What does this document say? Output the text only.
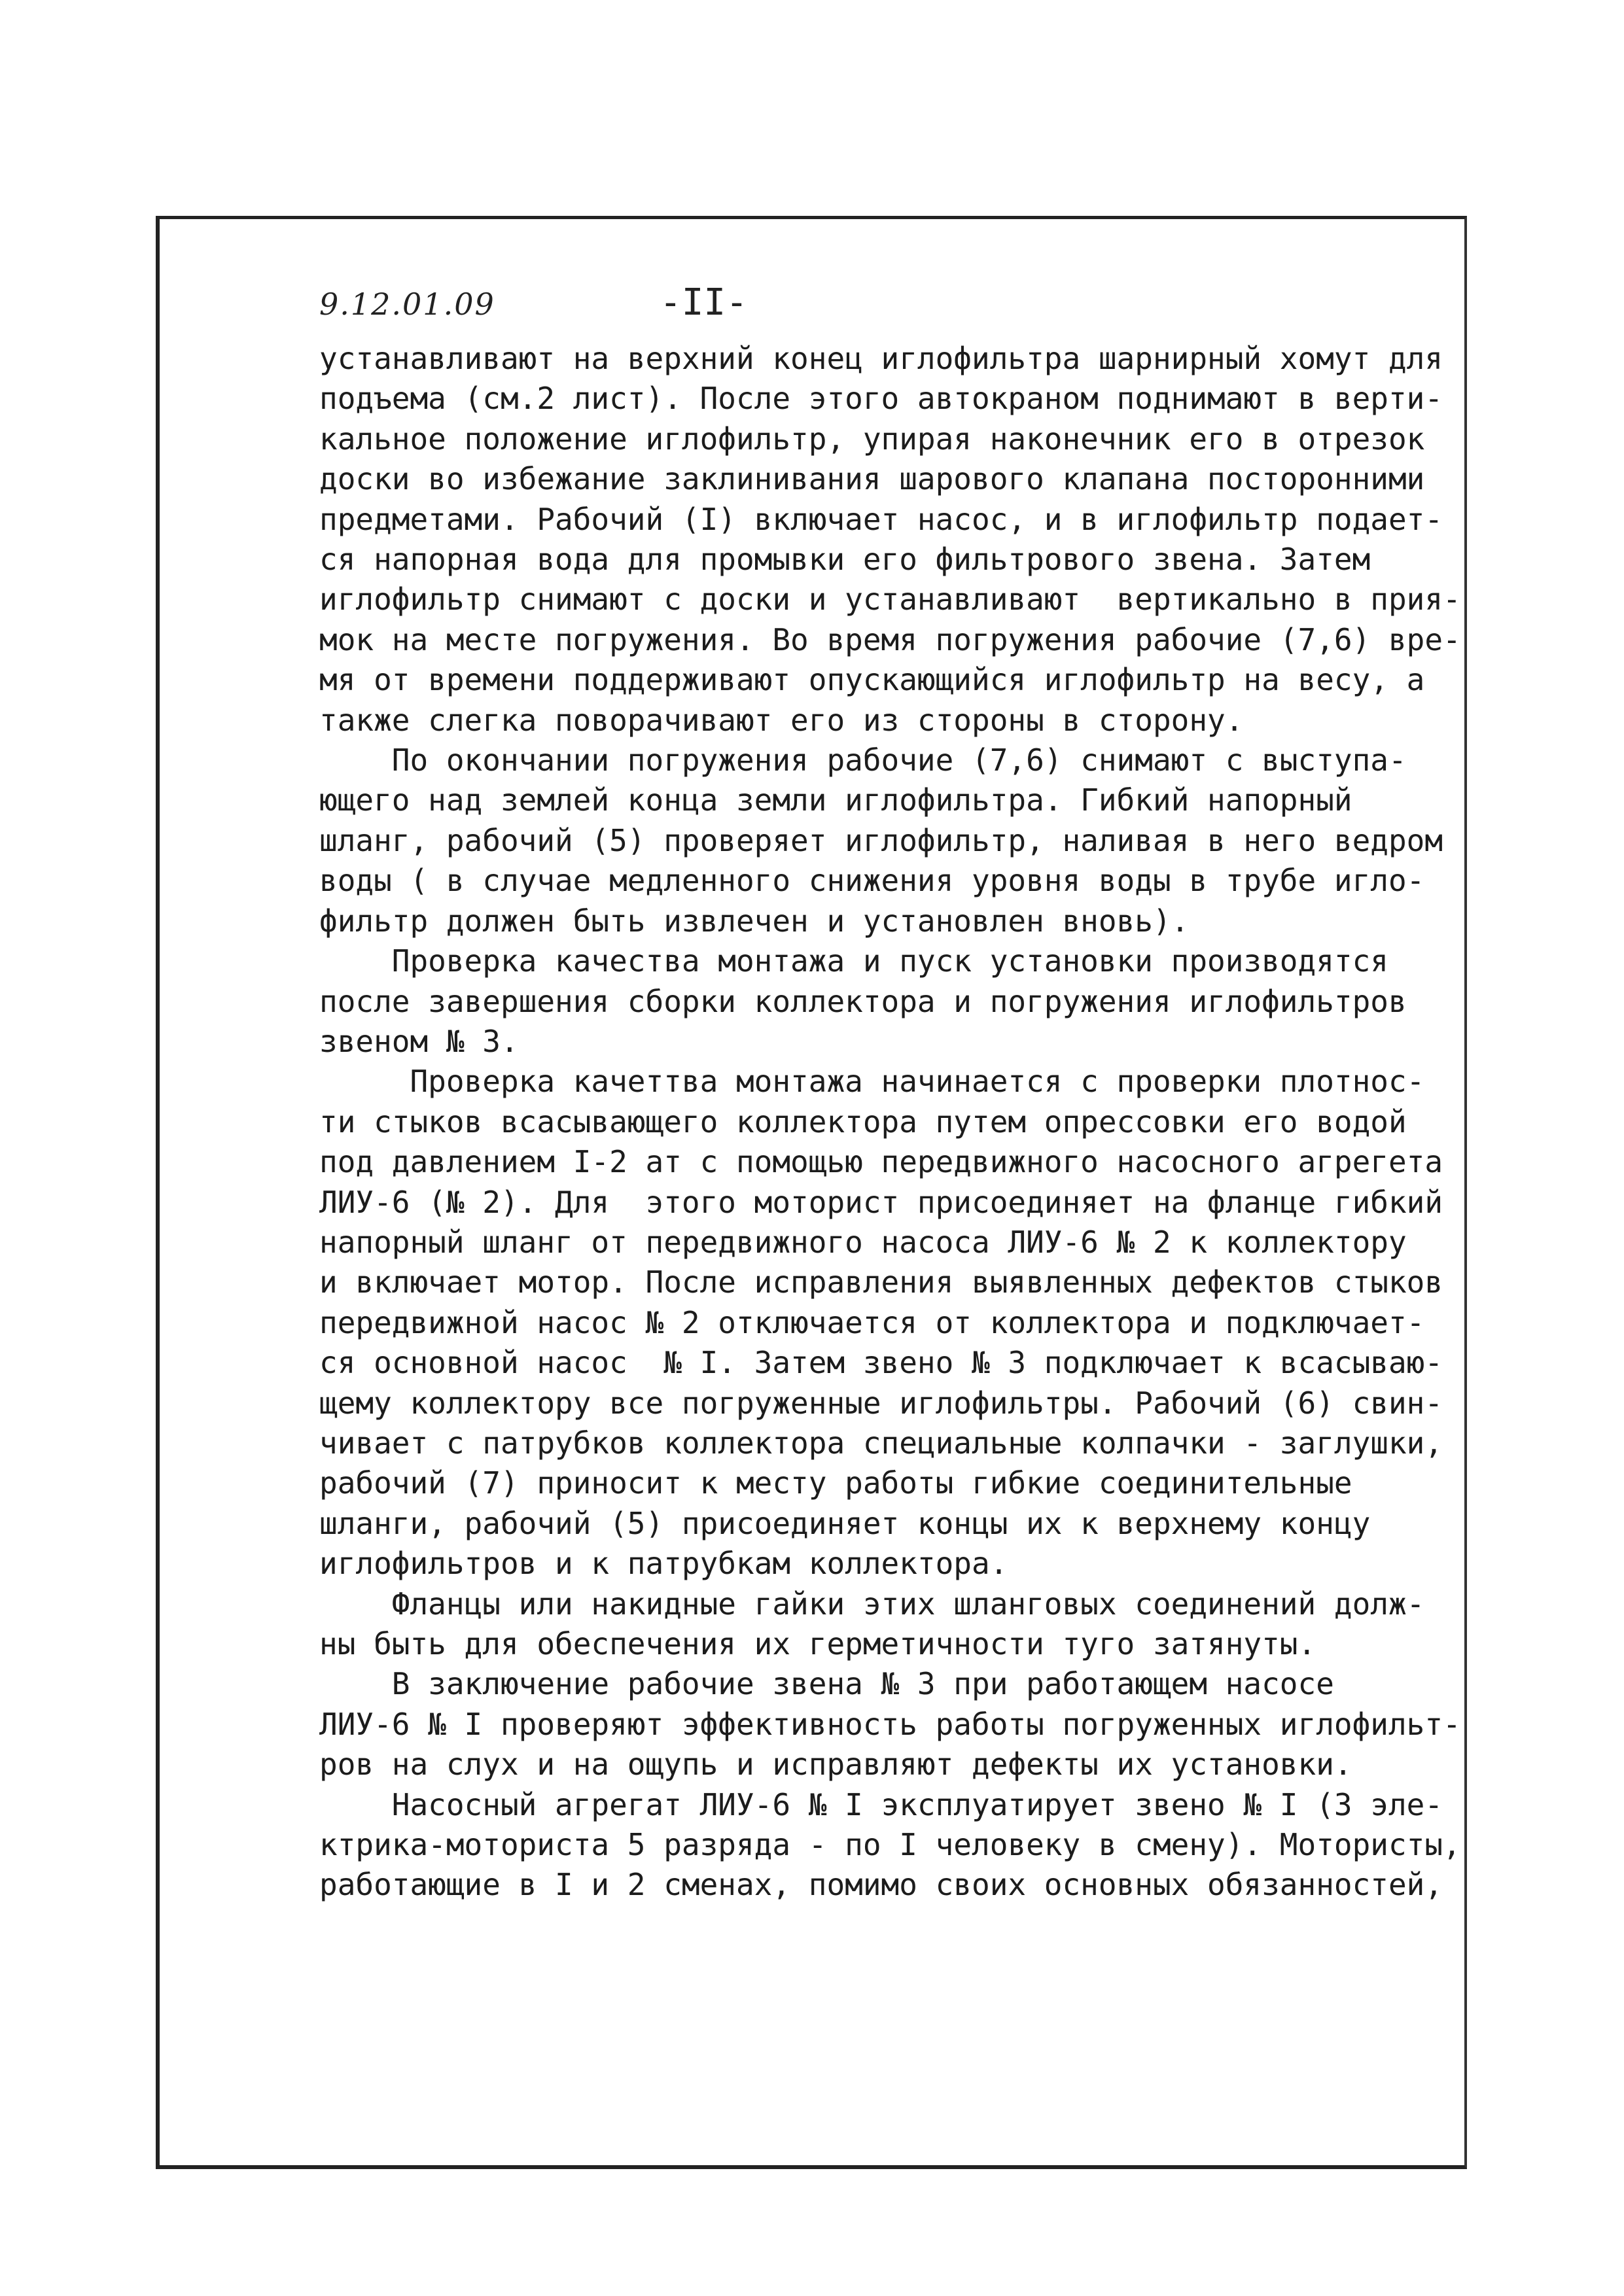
9.12.01.09	-II-
устанавливают на верхний конец иглофильтра шарнирный хомут для
подъема (см.2 лист). После этого автокраном поднимают в верти-
кальное положение иглофильтр, упирая наконечник его в отрезок
доски во избежание заклинивания шарового клапана посторонними
предметами. Рабочий (I) включает насос, и в иглофильтр подает-
ся напорная вода для промывки его фильтрового звена. Затем
иглофильтр снимают с доски и устанавливают  вертикально в прия-
мок на месте погружения. Во время погружения рабочие (7,6) вре-
мя от времени поддерживают опускающийся иглофильтр на весу, а
также слегка поворачивают его из стороны в сторону.
По окончании погружения рабочие (7,6) снимают с выступа-
ющего над землей конца земли иглофильтра. Гибкий напорный
шланг, рабочий (5) проверяет иглофильтр, наливая в него ведром
воды ( в случае медленного снижения уровня воды в трубе игло-
фильтр должен быть извлечен и установлен вновь).
Проверка качества монтажа и пуск установки производятся
после завершения сборки коллектора и погружения иглофильтров
звеном № 3.
Проверка качеттва монтажа начинается с проверки плотнос-
ти стыков всасывающего коллектора путем опрессовки его водой
под давлением I-2 ат с помощью передвижного насосного агрегета
ЛИУ-6 (№ 2). Для  этого моторист присоединяет на фланце гибкий
напорный шланг от передвижного насоса ЛИУ-6 № 2 к коллектору
и включает мотор. После исправления выявленных дефектов стыков
передвижной насос № 2 отключается от коллектора и подключает-
ся основной насос  № I. Затем звено № 3 подключает к всасываю-
щему коллектору все погруженные иглофильтры. Рабочий (6) свин-
чивает с патрубков коллектора специальные колпачки - заглушки,
рабочий (7) приносит к месту работы гибкие соединительные
шланги, рабочий (5) присоединяет концы их к верхнему концу
иглофильтров и к патрубкам коллектора.
Фланцы или накидные гайки этих шланговых соединений долж-
ны быть для обеспечения их герметичности туго затянуты.
В заключение рабочие звена № 3 при работающем насосе
ЛИУ-6 № I проверяют эффективность работы погруженных иглофильт-
ров на слух и на ощупь и исправляют дефекты их установки.
Насосный агрегат ЛИУ-6 № I эксплуатирует звено № I (3 эле-
ктрика-моториста 5 разряда - по I человеку в смену). Мотористы,
работающие в I и 2 сменах, помимо своих основных обязанностей,
